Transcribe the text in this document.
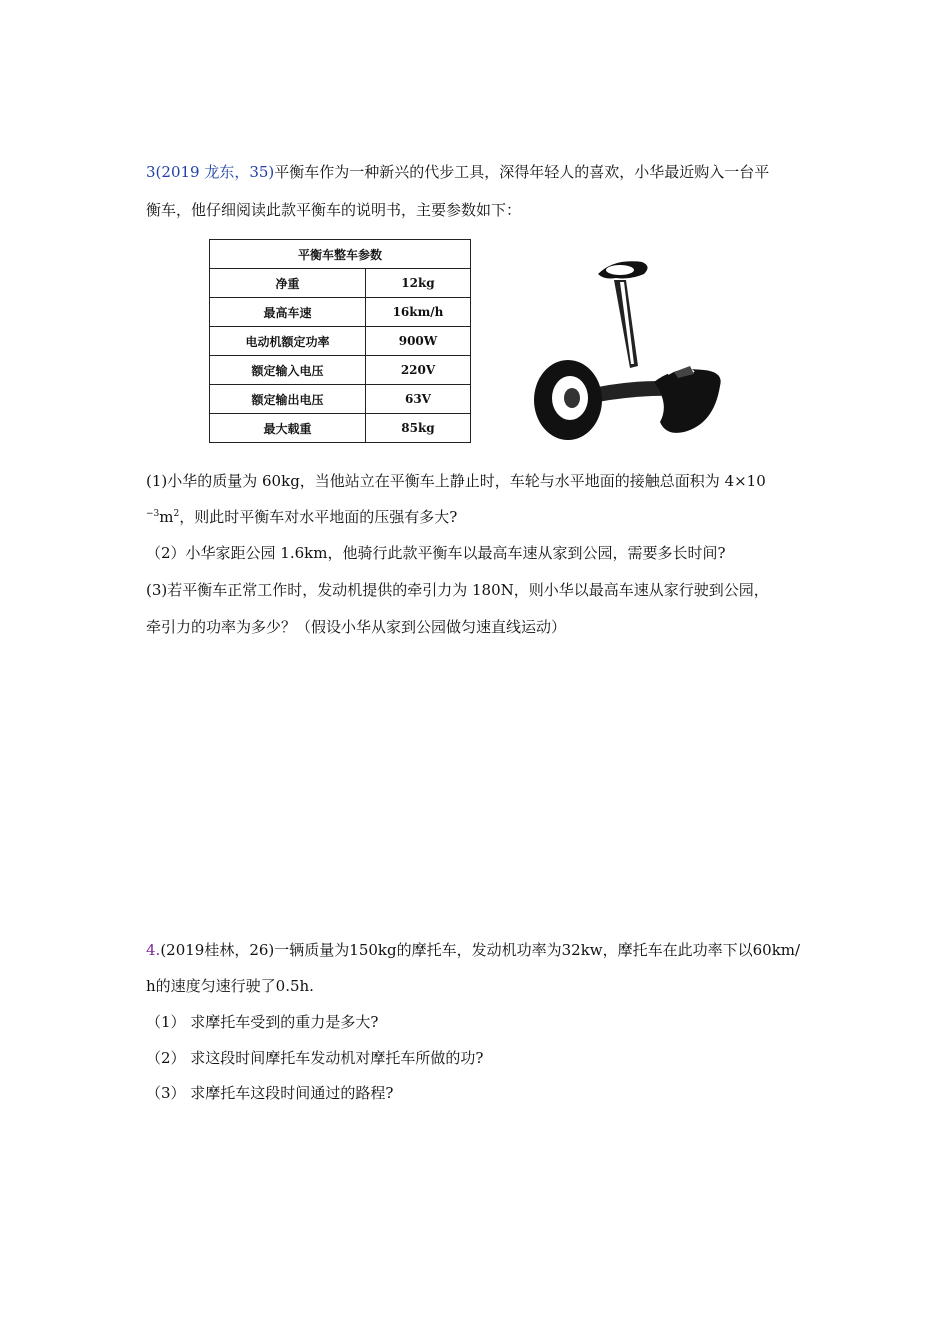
3(2019 龙东，35)平衡车作为一种新兴的代步工具，深得年轻人的喜欢，小华最近购入一台平
衡车，他仔细阅读此款平衡车的说明书，主要参数如下：
平衡车整车参数	
净重	12kg
最高车速	16km/h
电动机额定功率	900W
额定输入电压	220V
额定输出电压	63V
最大载重	85kg
(1)小华的质量为 60kg，当他站立在平衡车上静止时，车轮与水平地面的接触总面积为 4×10
$^{-3}m^2$，则此时平衡车对水平地面的压强有多大?
（2）小华家距公园 1.6km，他骑行此款平衡车以最高车速从家到公园，需要多长时间?
(3)若平衡车正常工作时，发动机提供的牵引力为 180N，则小华以最高车速从家行驶到公园，
牵引力的功率为多少？（假设小华从家到公园做匀速直线运动）
4.(2019桂林，26)一辆质量为150kg的摩托车，发动机功率为32kw，摩托车在此功率下以60km/
h的速度匀速行驶了0.5h.
（1） 求摩托车受到的重力是多大?
（2） 求这段时间摩托车发动机对摩托车所做的功?
（3） 求摩托车这段时间通过的路程?
